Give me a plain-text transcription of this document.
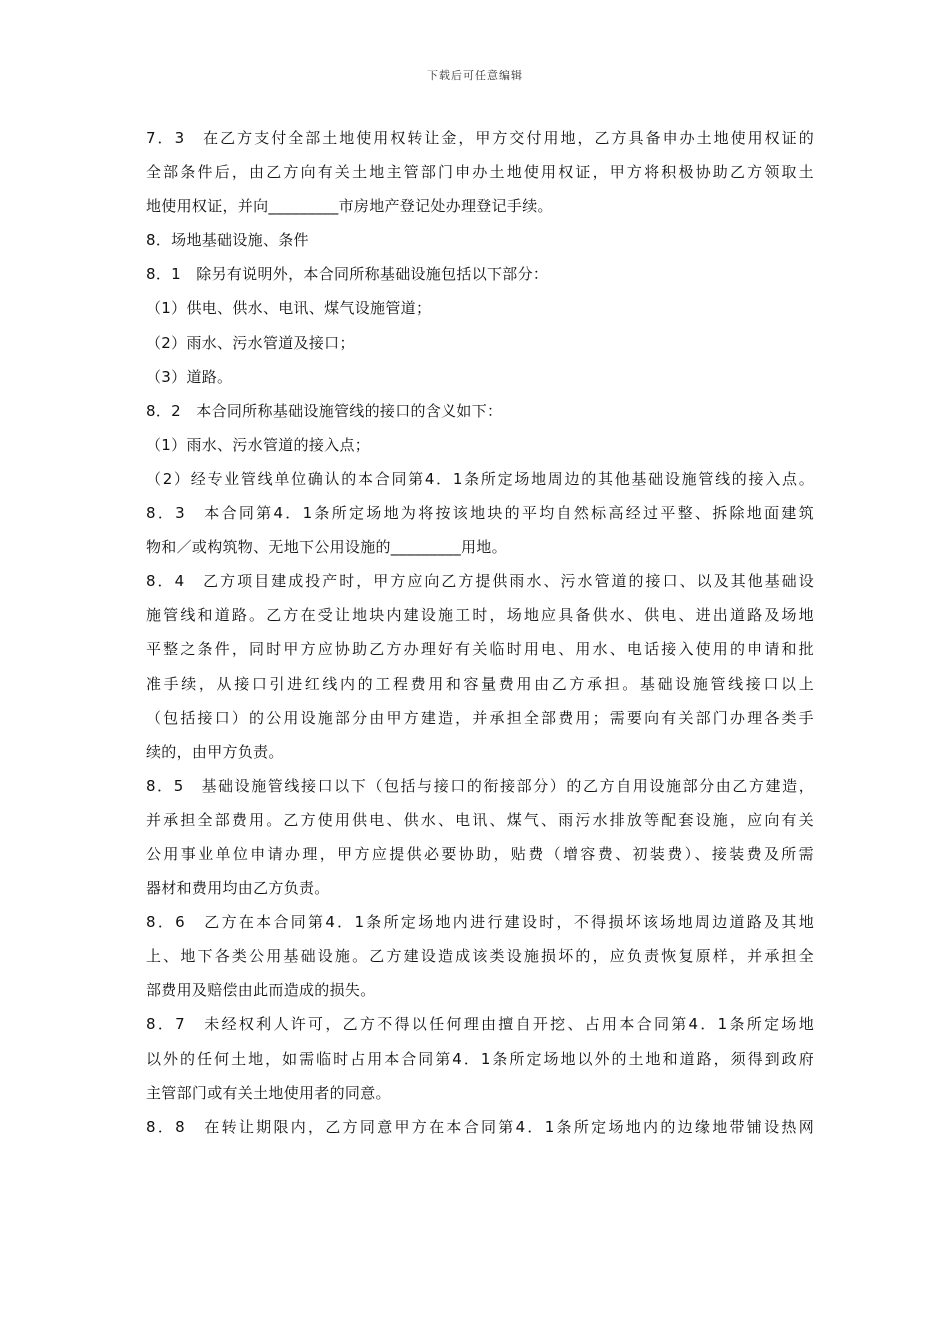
下载后可任意编辑
7．3　在乙方支付全部土地使用权转让金，甲方交付用地，乙方具备申办土地使用权证的
全部条件后，由乙方向有关土地主管部门申办土地使用权证，甲方将积极协助乙方领取土
地使用权证，并向_________市房地产登记处办理登记手续。
8．场地基础设施、条件
8．1　除另有说明外，本合同所称基础设施包括以下部分：
（1）供电、供水、电讯、煤气设施管道；
（2）雨水、污水管道及接口；
（3）道路。
8．2　本合同所称基础设施管线的接口的含义如下：
（1）雨水、污水管道的接入点；
（2）经专业管线单位确认的本合同第4．1条所定场地周边的其他基础设施管线的接入点。
8．3　本合同第4．1条所定场地为将按该地块的平均自然标高经过平整、拆除地面建筑
物和／或构筑物、无地下公用设施的_________用地。
8．4　乙方项目建成投产时，甲方应向乙方提供雨水、污水管道的接口、以及其他基础设
施管线和道路。乙方在受让地块内建设施工时，场地应具备供水、供电、进出道路及场地
平整之条件，同时甲方应协助乙方办理好有关临时用电、用水、电话接入使用的申请和批
准手续，从接口引进红线内的工程费用和容量费用由乙方承担。基础设施管线接口以上
（包括接口）的公用设施部分由甲方建造，并承担全部费用；需要向有关部门办理各类手
续的，由甲方负责。
8．5　基础设施管线接口以下（包括与接口的衔接部分）的乙方自用设施部分由乙方建造，
并承担全部费用。乙方使用供电、供水、电讯、煤气、雨污水排放等配套设施，应向有关
公用事业单位申请办理，甲方应提供必要协助，贴费（增容费、初装费）、接装费及所需
器材和费用均由乙方负责。
8．6　乙方在本合同第4．1条所定场地内进行建设时，不得损坏该场地周边道路及其地
上、地下各类公用基础设施。乙方建设造成该类设施损坏的，应负责恢复原样，并承担全
部费用及赔偿由此而造成的损失。
8．7　未经权利人许可，乙方不得以任何理由擅自开挖、占用本合同第4．1条所定场地
以外的任何土地，如需临时占用本合同第4．1条所定场地以外的土地和道路，须得到政府
主管部门或有关土地使用者的同意。
8．8　在转让期限内，乙方同意甲方在本合同第4．1条所定场地内的边缘地带铺设热网
